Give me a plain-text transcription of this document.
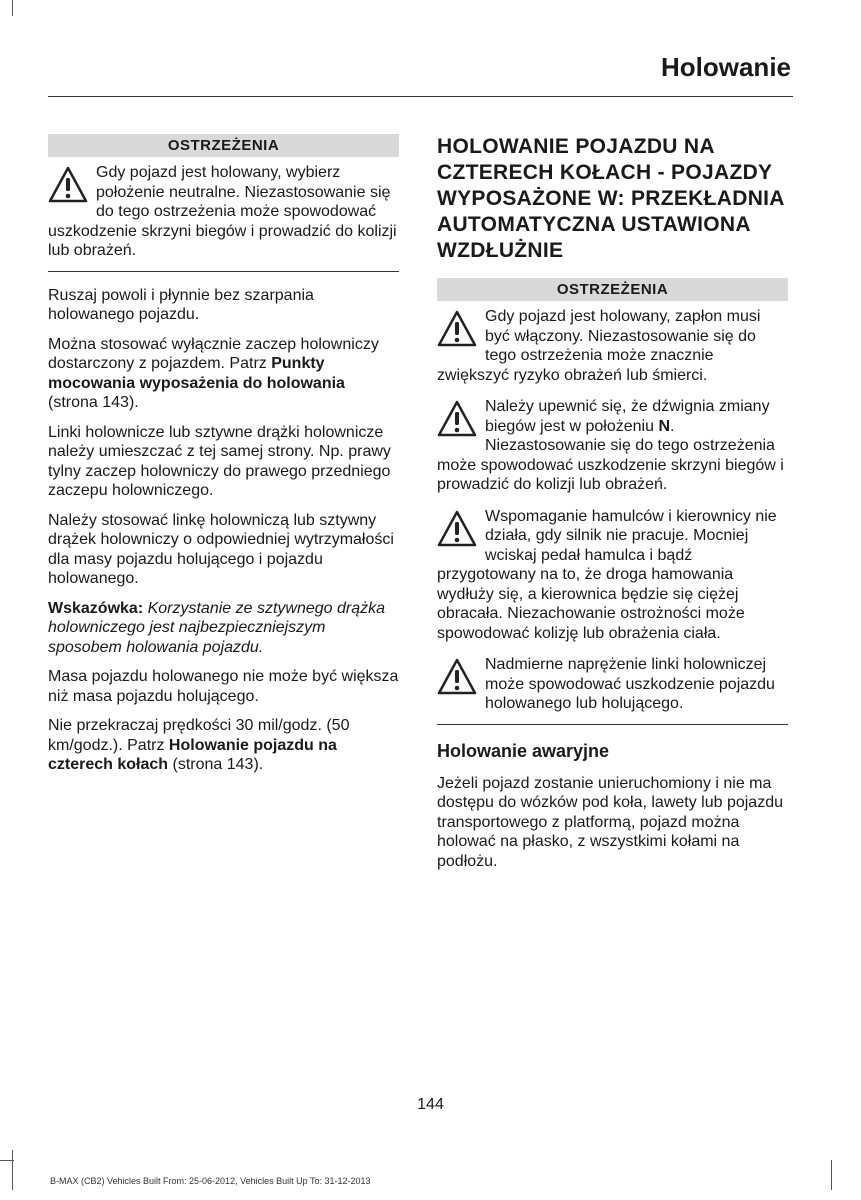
Holowanie
OSTRZEŻENIA

Gdy pojazd jest holowany, wybierz położenie neutralne. Niezastosowanie się do tego ostrzeżenia może spowodować uszkodzenie skrzyni biegów i prowadzić do kolizji lub obrażeń.

Ruszaj powoli i płynnie bez szarpania holowanego pojazdu.

Można stosować wyłącznie zaczep holowniczy dostarczony z pojazdem. Patrz Punkty mocowania wyposażenia do holowania (strona 143).

Linki holownicze lub sztywne drążki holownicze należy umieszczać z tej samej strony. Np. prawy tylny zaczep holowniczy do prawego przedniego zaczepu holowniczego.

Należy stosować linkę holowniczą lub sztywny drążek holowniczy o odpowiedniej wytrzymałości dla masy pojazdu holującego i pojazdu holowanego.

Wskazówka: Korzystanie ze sztywnego drążka holowniczego jest najbezpieczniejszym sposobem holowania pojazdu.

Masa pojazdu holowanego nie może być większa niż masa pojazdu holującego.

Nie przekraczaj prędkości 30 mil/godz. (50 km/godz.). Patrz Holowanie pojazdu na czterech kołach (strona 143).

HOLOWANIE POJAZDU NA CZTERECH KOŁACH - POJAZDY WYPOSAŻONE W: PRZEKŁADNIA AUTOMATYCZNA USTAWIONA WZDŁUŻNIE
OSTRZEŻENIA

Gdy pojazd jest holowany, zapłon musi być włączony. Niezastosowanie się do tego ostrzeżenia może znacznie zwiększyć ryzyko obrażeń lub śmierci.

Należy upewnić się, że dźwignia zmiany biegów jest w położeniu N. Niezastosowanie się do tego ostrzeżenia może spowodować uszkodzenie skrzyni biegów i prowadzić do kolizji lub obrażeń.

Wspomaganie hamulców i kierownicy nie działa, gdy silnik nie pracuje. Mocniej wciskaj pedał hamulca i bądź przygotowany na to, że droga hamowania wydłuży się, a kierownica będzie się ciężej obracała. Niezachowanie ostrożności może spowodować kolizję lub obrażenia ciała.

Nadmierne naprężenie linki holowniczej może spowodować uszkodzenie pojazdu holowanego lub holującego.

Holowanie awaryjne

Jeżeli pojazd zostanie unieruchomiony i nie ma dostępu do wózków pod koła, lawety lub pojazdu transportowego z platformą, pojazd można holować na płasko, z wszystkimi kołami na podłożu.

144
B-MAX (CB2) Vehicles Built From: 25-06-2012, Vehicles Built Up To: 31-12-2013
